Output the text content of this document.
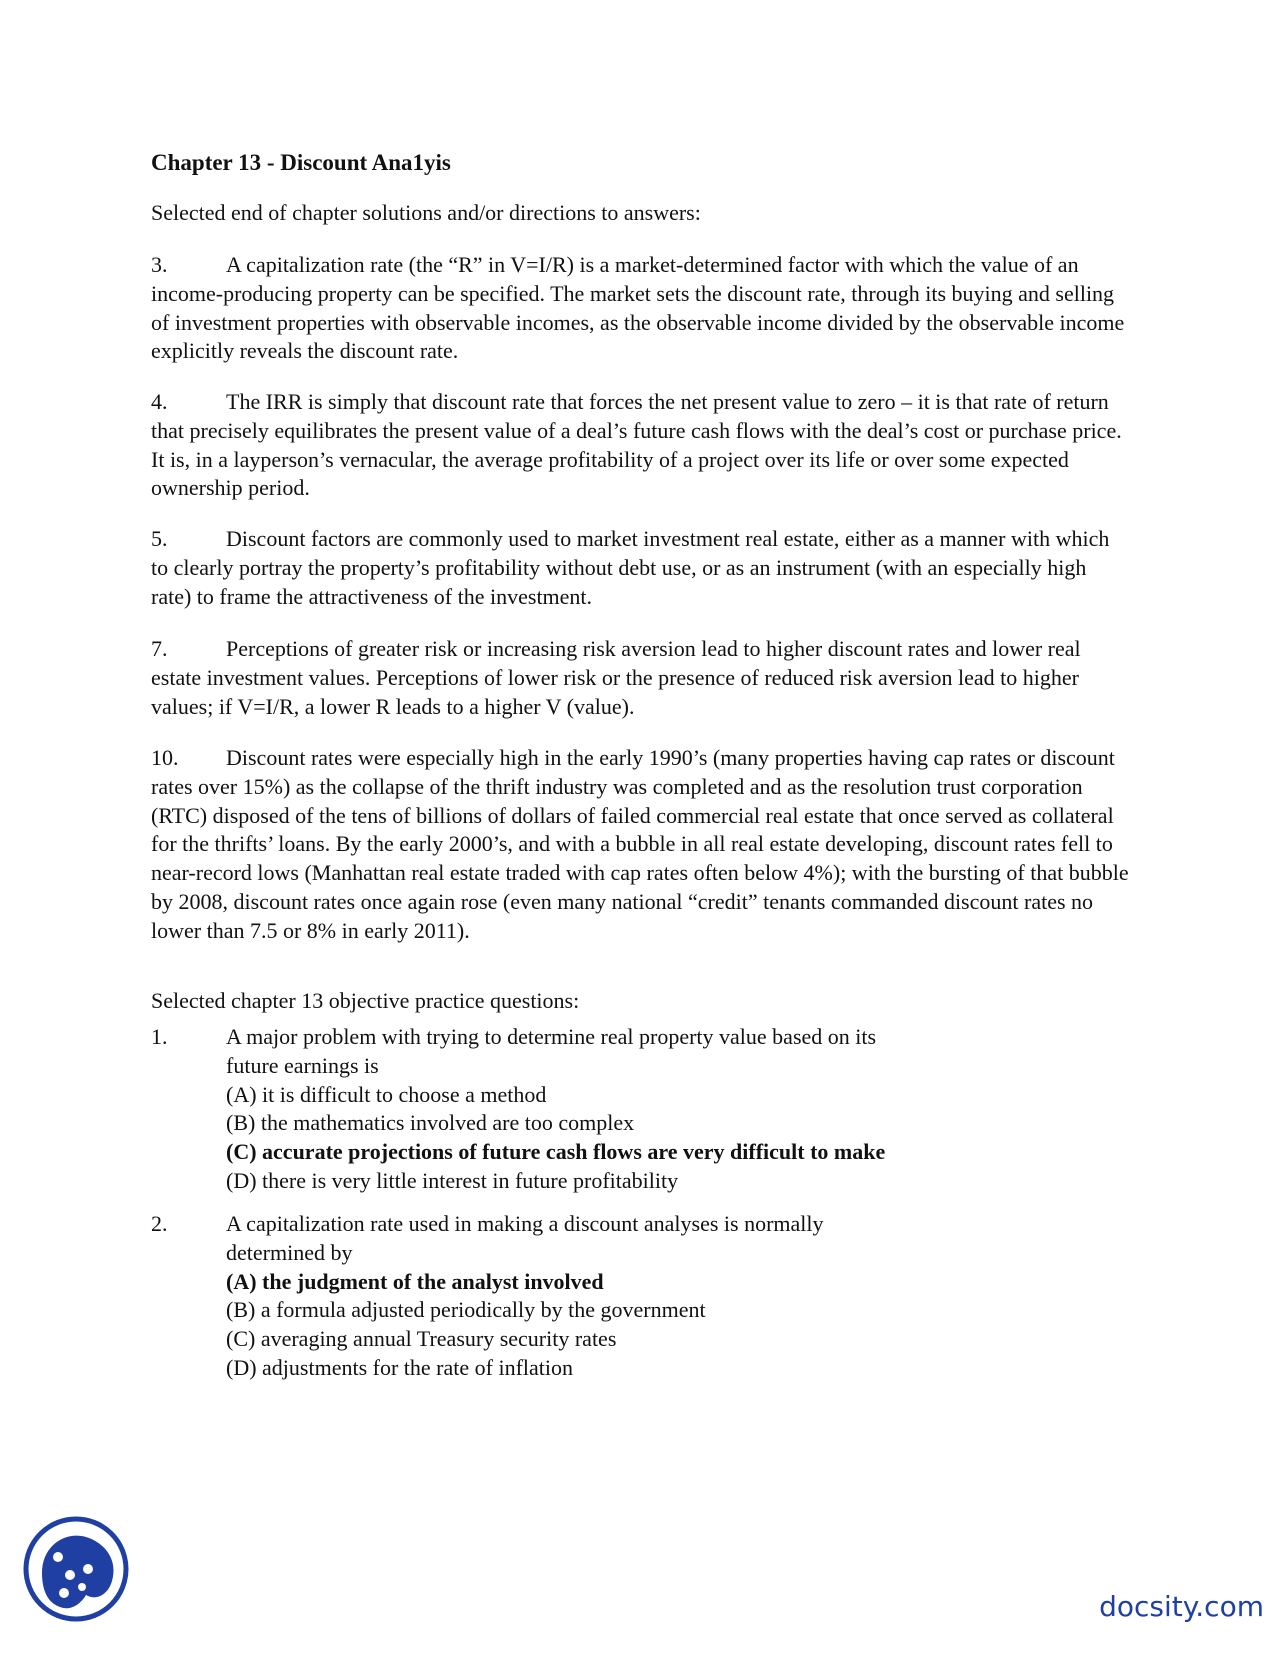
Chapter 13 - Discount Ana1yis
Selected end of chapter solutions and/or directions to answers:
3.	A capitalization rate (the “R” in V=I/R) is a market-determined factor with which the value of an income-producing property can be specified. The market sets the discount rate, through its buying and selling of investment properties with observable incomes, as the observable income divided by the observable income explicitly reveals the discount rate.
4.	The IRR is simply that discount rate that forces the net present value to zero – it is that rate of return that precisely equilibrates the present value of a deal’s future cash flows with the deal’s cost or purchase price. It is, in a layperson’s vernacular, the average profitability of a project over its life or over some expected ownership period.
5.	Discount factors are commonly used to market investment real estate, either as a manner with which to clearly portray the property’s profitability without debt use, or as an instrument (with an especially high rate) to frame the attractiveness of the investment.
7.	Perceptions of greater risk or increasing risk aversion lead to higher discount rates and lower real estate investment values. Perceptions of lower risk or the presence of reduced risk aversion lead to higher values; if V=I/R, a lower R leads to a higher V (value).
10. Discount rates were especially high in the early 1990’s (many properties having cap rates or discount rates over 15%) as the collapse of the thrift industry was completed and as the resolution trust corporation (RTC) disposed of the tens of billions of dollars of failed commercial real estate that once served as collateral for the thrifts’ loans. By the early 2000’s, and with a bubble in all real estate developing, discount rates fell to near-record lows (Manhattan real estate traded with cap rates often below 4%); with the bursting of that bubble by 2008, discount rates once again rose (even many national “credit” tenants commanded discount rates no lower than 7.5 or 8% in early 2011).
Selected chapter 13 objective practice questions:
1.	A major problem with trying to determine real property value based on its future earnings is
(A) it is difficult to choose a method
(B) the mathematics involved are too complex
(C) accurate projections of future cash flows are very difficult to make
(D) there is very little interest in future profitability
2.	A capitalization rate used in making a discount analyses is normally determined by
(A) the judgment of the analyst involved
(B) a formula adjusted periodically by the government
(C) averaging annual Treasury security rates
(D) adjustments for the rate of inflation
docsity.com
